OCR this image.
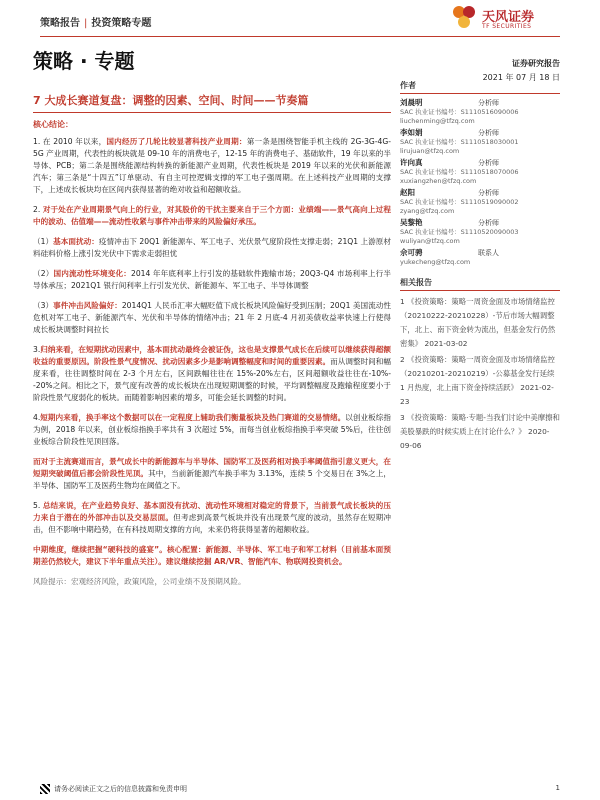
策略报告 | 投资策略专题	天风证券
TF SECURITIES
策略 · 专题	证券研究报告
2021 年 07 月 18 日
7 大成长赛道复盘：调整的因素、空间、时间——节奏篇
核心结论：
1. 在 2010 年以来，国内经历了几轮比较显著科技产业周期：第一条是围绕智能手机主线的 2G-3G-4G-5G 产业周期，代表性的板块就是 09-10 年的消费电子，12-15 年的消费电子、基础软件，19 年以来的半导体、PCB；第二条是围绕能源结构转换的新能源产业周期，代表性板块是 2019 年以来的光伏和新能源汽车；第三条是“十四五”订单驱动、有自主可控逻辑支撑的军工电子强周期。在上述科技产业周期的支撑下，上述成长板块均在区间内获得显著的绝对收益和超额收益。
2. 对于处在产业周期景气向上的行业，对其股价的干扰主要来自于三个方面：业绩端——景气高向上过程中的波动、估值端——流动性收紧与事件冲击带来的风险偏好承压。
（1）基本面扰动：疫情冲击下 20Q1 新能源车、军工电子、光伏景气度阶段性支撑走弱；21Q1 上游原材料硅料价格上涨引发光伏中下需求走弱担忧
（2）国内流动性环境变化：2014 年年底利率上行引发的基础软件跑输市场；20Q3-Q4 市场利率上行半导体承压；2021Q1 银行间利率上行引发光伏、新能源车、军工电子、半导体调整
（3）事件冲击风险偏好：2014Q1 人民币汇率大幅贬值下成长板块风险偏好受到压制；20Q1 美国流动性危机对军工电子、新能源汽车、光伏和半导体的情绪冲击；21 年 2 月底-4 月初美债收益率快速上行使得成长板块调整时间拉长
3.归纳来看，在短期扰动因素中，基本面扰动最终会被证伪，这也是支撑景气成长在后续可以继续获得超额收益的重要原因。阶段性景气度情况、扰动因素多少是影响调整幅度和时间的重要因素。而从调整时间和幅度来看，往往调整时间在 2-3 个月左右，区间跌幅往往在 15%-20%左右，区间超额收益往往在-10%--20%之间。相比之下，景气度有改善的成长板块在出现短期调整的时候，平均调整幅度及跑输程度要小于阶段性景气度弱化的板块。而随着影响因素的增多，可能会延长调整的时间。
4.短期内来看，换手率这个数据可以在一定程度上辅助我们衡量板块及热门赛道的交易情绪。以创业板综指为例，2018 年以来，创业板综指换手率共有 3 次超过 5%，而每当创业板综指换手率突破 5%后，往往创业板综合阶段性见顶回落。
而对于主流赛道而言，景气成长中的新能源车与半导体、国防军工及医药相对换手率阈值指引意义更大，在短期突破阈值后都会阶段性见顶。其中，当前新能源汽车换手率为 3.13%，连续 5 个交易日在 3%之上，半导体、国防军工及医药生物均在阈值之下。
5. 总结来说，在产业趋势良好、基本面没有扰动、流动性环境相对稳定的背景下，当前景气成长板块的压力来自于潜在的外部冲击以及交易层面。但考虑到高景气板块并没有出现景气度的波动，虽然存在短期冲击，但不影响中期趋势，在有科技周期支撑的方向，未来仍将获得显著的超额收益。
中期维度，继续把握“硬科技的盛宴”。核心配置：新能源、半导体、军工电子和军工材料（目前基本面预期差仍然较大，建议下半年重点关注）。建议继续挖掘 AR/VR、智能汽车、物联网投资机会。
风险提示：宏观经济风险，政策风险，公司业绩不及预期风险。
作者
刘晨明	分析师
SAC 执业证书编号：S1110516090006
liuchenming@tfzq.com
李如娟	分析师
SAC 执业证书编号：S1110518030001
lirujuan@tfzq.com
许向真	分析师
SAC 执业证书编号：S1110518070006
xuxiangzhen@tfzq.com
赵阳	分析师
SAC 执业证书编号：S1110519090002
zyang@tfzq.com
吴黎艳	分析师
SAC 执业证书编号：S1110520090003
wuliyan@tfzq.com
佘可骋	联系人
yukecheng@tfzq.com
相关报告
1 《投资策略：策略一周资金面及市场情绪监控（20210222-20210228）-节后市场大幅调整下，北上、南下资金转为流出，但基金发行仍然密集》 2021-03-02
2 《投资策略：策略一周资金面及市场情绪监控（20210201-20210219）-公募基金发行延续 1 月热度，北上南下资金持续活跃》 2021-02-23
3 《投资策略：策略·专题-当我们讨论中美摩擦和美股暴跌的时候实质上在讨论什么？》 2020-09-06
请务必阅读正文之后的信息披露和免责申明	1
